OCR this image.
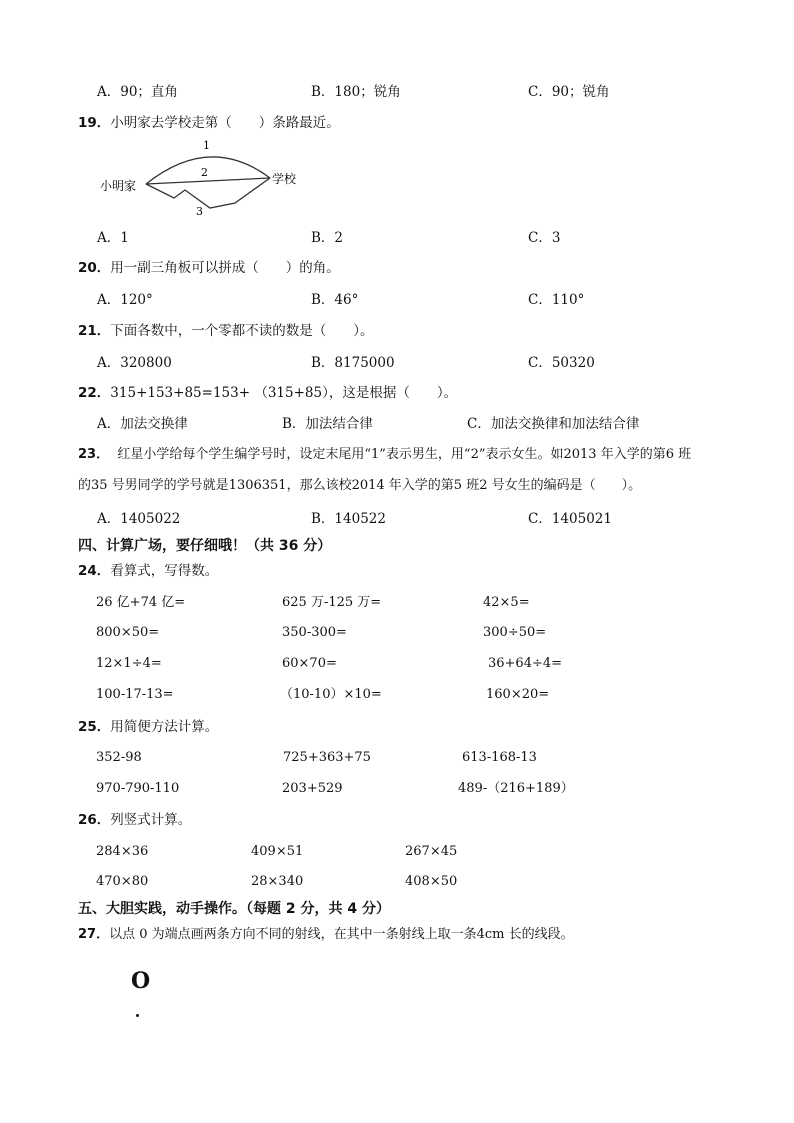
A．90；直角	B．180；锐角	C．90；锐角
19．小明家去学校走第（　　）条路最近。
小明家	学校
1
2
3
A．1	B．2	C．3
20．用一副三角板可以拼成（　　）的角。
A．120°	B．46°	C．110°
21．下面各数中，一个零都不读的数是（　　）。
A．320800	B．8175000	C．50320
22．315+153+85=153+ （315+85），这是根据（　　）。
A．加法交换律	B．加法结合律	C．加法交换律和加法结合律
23． 红星小学给每个学生编学号时，设定末尾用“1”表示男生，用“2”表示女生。如2013 年入学的第6 班
的35 号男同学的学号就是1306351，那么该校2014 年入学的第5 班2 号女生的编码是（　　）。
A．1405022	B．140522	C．1405021
四、计算广场，要仔细哦！（共 36 分）
24．看算式，写得数。
26 亿+74 亿=	625 万-125 万=	42×5=
800×50=	350-300=	300÷50=
12×1÷4=	60×70=	36+64÷4=
100-17-13=	（10-10）×10=	160×20=
25．用简便方法计算。
352-98	725+363+75	613-168-13
970-790-110	203+529	489-（216+189）
26．列竖式计算。
284×36	409×51	267×45
470×80	28×340	408×50
五、大胆实践，动手操作。（每题 2 分，共 4 分）
27．以点 0 为端点画两条方向不同的射线，在其中一条射线上取一条4cm 长的线段。
O
